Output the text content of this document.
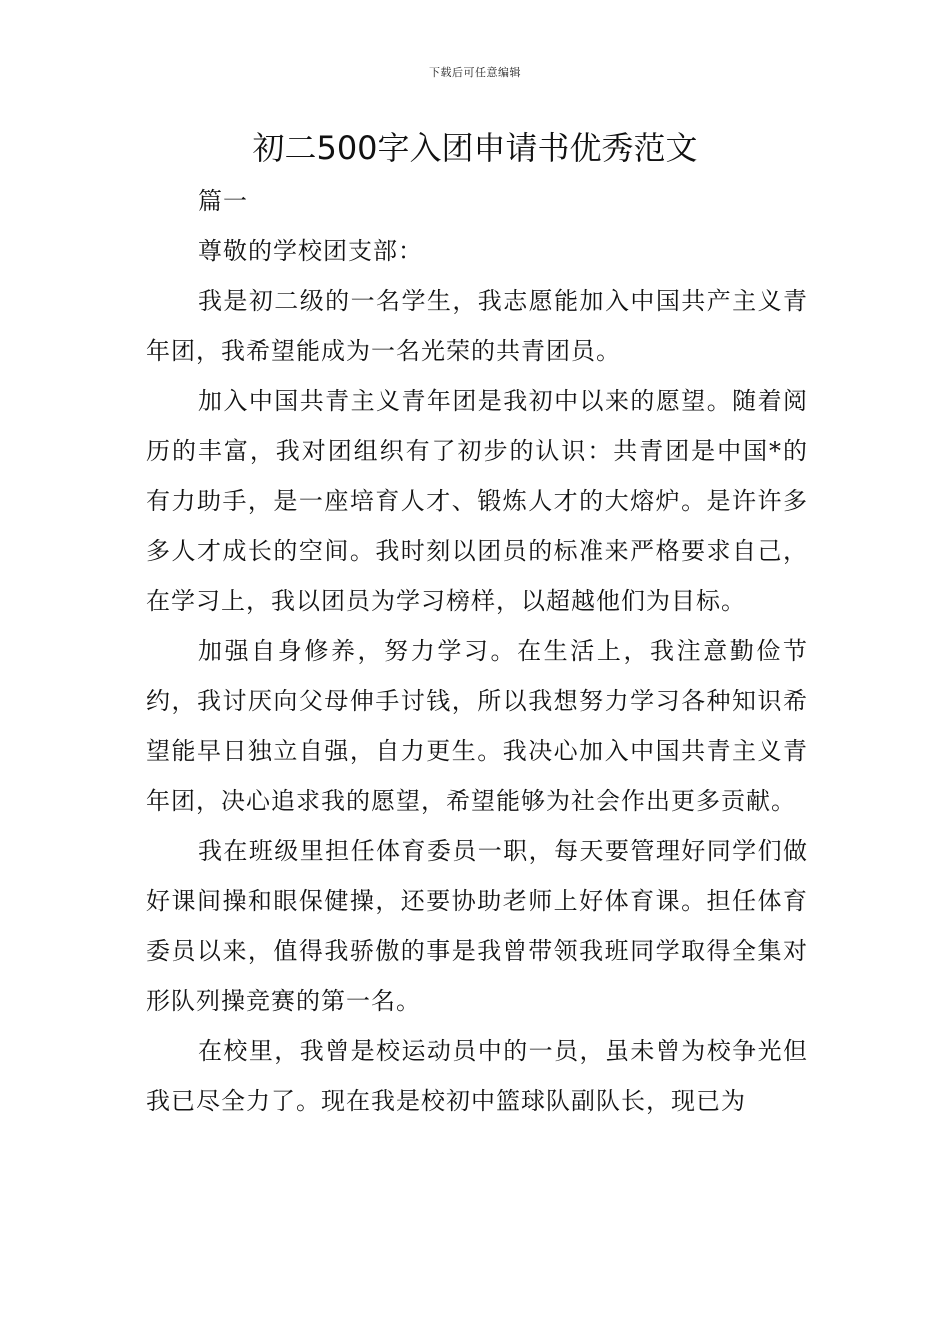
下载后可任意编辑
初二500字入团申请书优秀范文

篇一

尊敬的学校团支部：

我是初二级的一名学生，我志愿能加入中国共产主义青年团，我希望能成为一名光荣的共青团员。

加入中国共青主义青年团是我初中以来的愿望。随着阅历的丰富，我对团组织有了初步的认识：共青团是中国*的有力助手，是一座培育人才、锻炼人才的大熔炉。是许许多多人才成长的空间。我时刻以团员的标准来严格要求自己，在学习上，我以团员为学习榜样，以超越他们为目标。

加强自身修养，努力学习。在生活上，我注意勤俭节约，我讨厌向父母伸手讨钱，所以我想努力学习各种知识希望能早日独立自强，自力更生。我决心加入中国共青主义青年团，决心追求我的愿望，希望能够为社会作出更多贡献。

我在班级里担任体育委员一职，每天要管理好同学们做好课间操和眼保健操，还要协助老师上好体育课。担任体育委员以来，值得我骄傲的事是我曾带领我班同学取得全集对形队列操竞赛的第一名。

在校里，我曾是校运动员中的一员，虽未曾为校争光但我已尽全力了。现在我是校初中篮球队副队长，现已为
